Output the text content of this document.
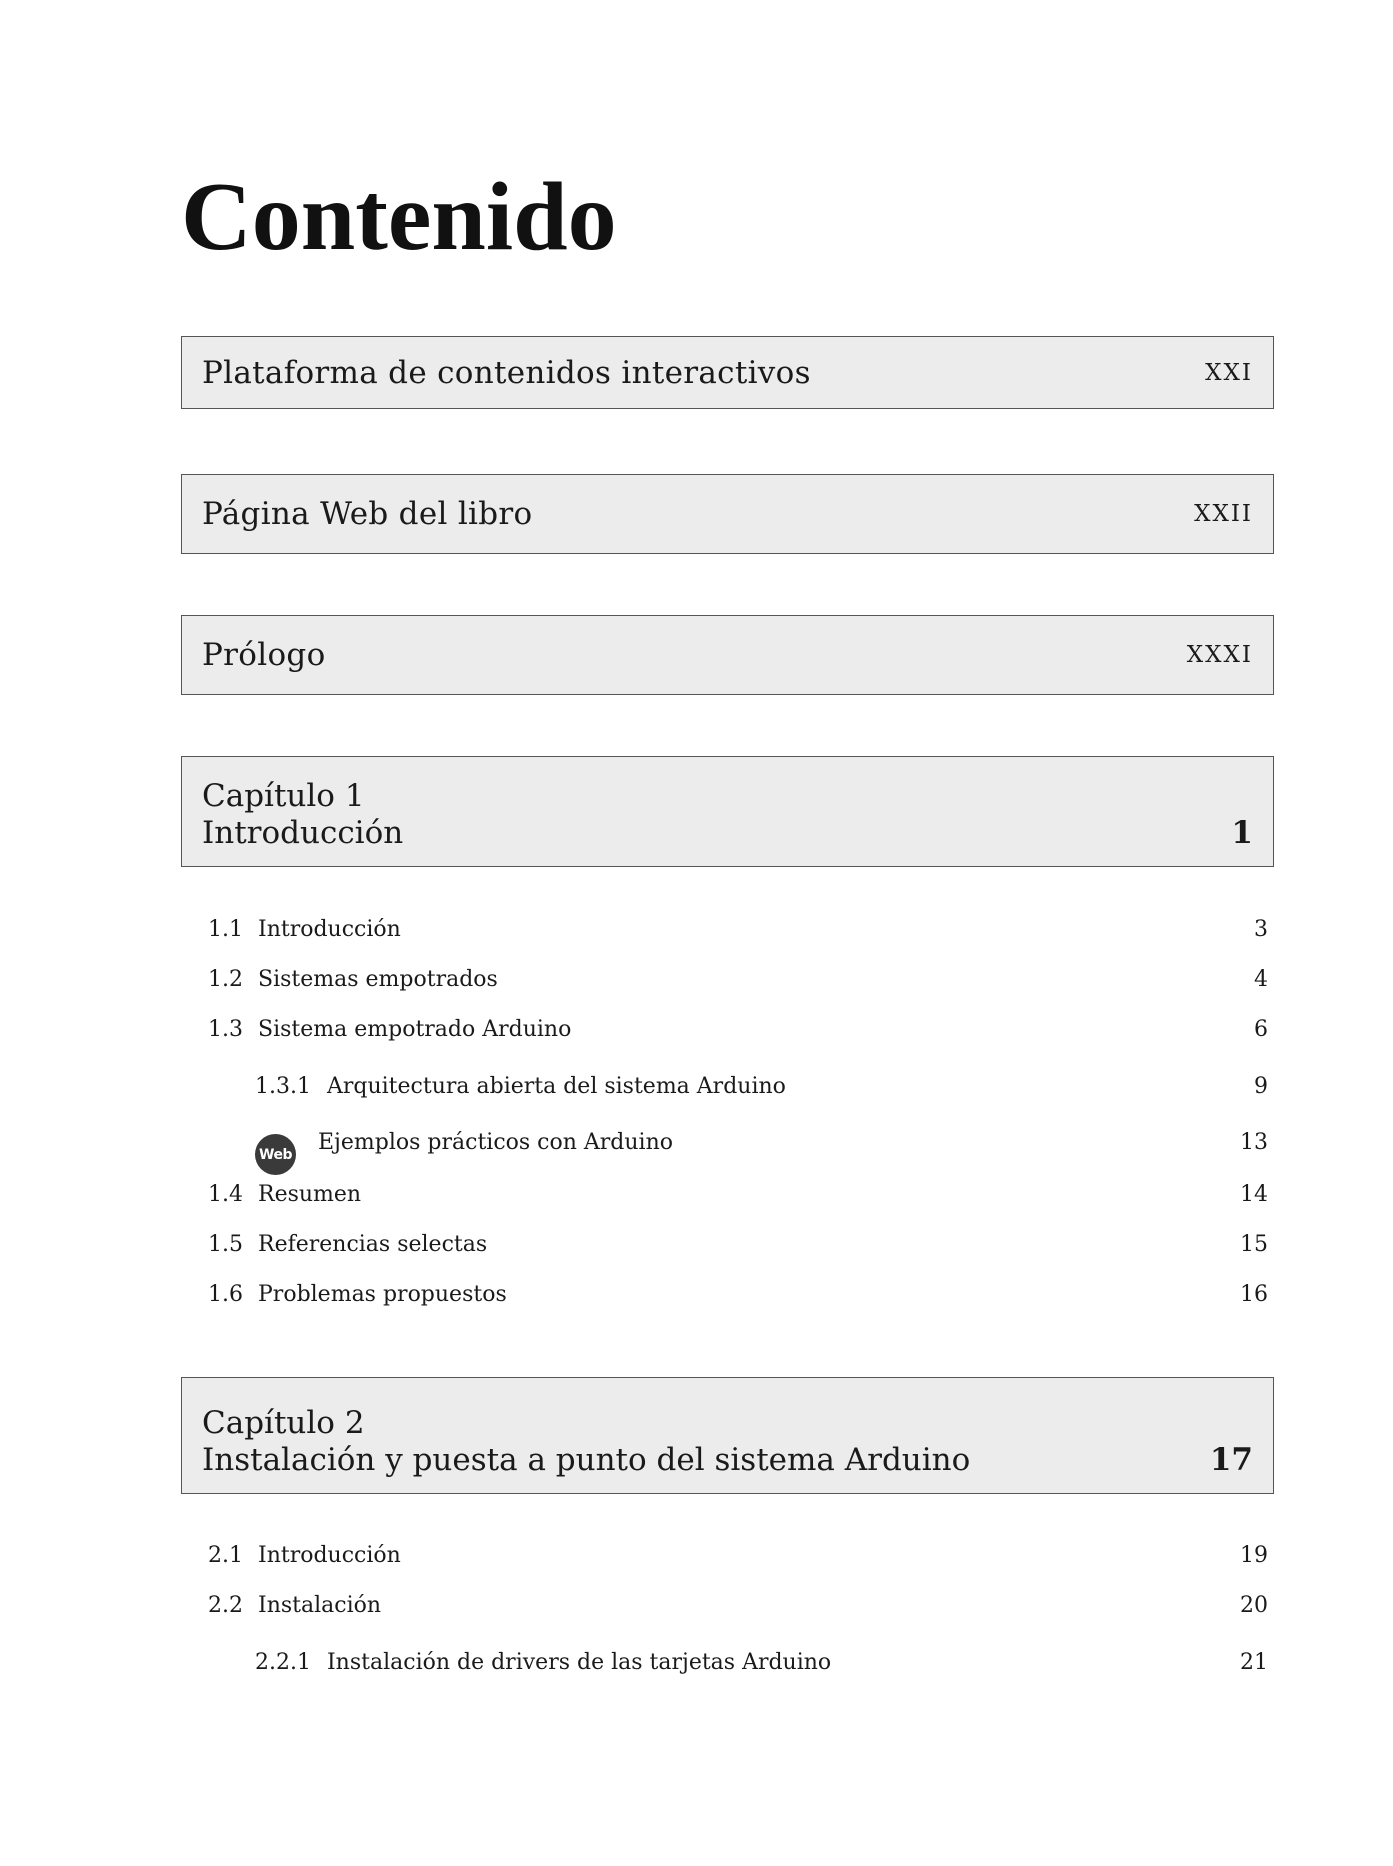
Contenido
Plataforma de contenidos interactivos	XXI
Página Web del libro	XXII
Prólogo	XXXI
Capítulo 1
Introducción	1
1.1 Introducción	3
1.2 Sistemas empotrados	4
1.3 Sistema empotrado Arduino	6
1.3.1 Arquitectura abierta del sistema Arduino	9
Web Ejemplos prácticos con Arduino	13
1.4 Resumen	14
1.5 Referencias selectas	15
1.6 Problemas propuestos	16
Capítulo 2
Instalación y puesta a punto del sistema Arduino	17
2.1 Introducción	19
2.2 Instalación	20
2.2.1 Instalación de drivers de las tarjetas Arduino	21
